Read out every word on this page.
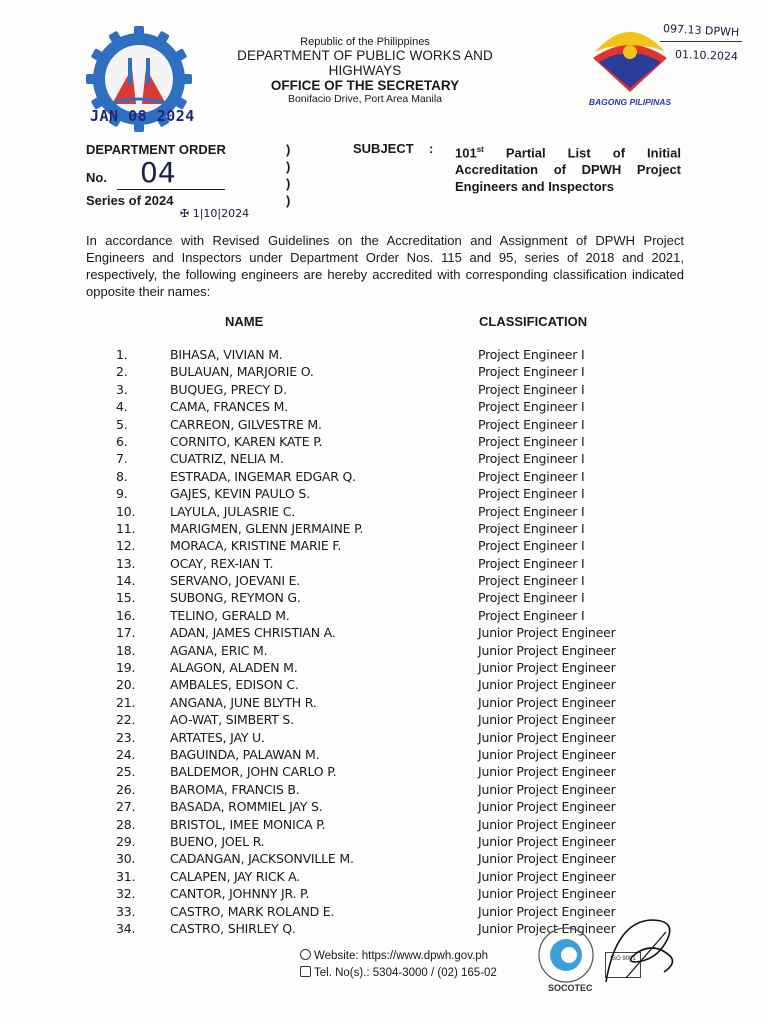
Republic of the Philippines
DEPARTMENT OF PUBLIC WORKS AND HIGHWAYS
OFFICE OF THE SECRETARY
Bonifacio Drive, Port Area Manila	BAGONG PILIPINAS
097.13 DPWH
01.10.2024
JAN 08 2024
DEPARTMENT ORDER
No. 04
Series of 2024
✠ 1|10|2024
)
)
)
)
SUBJECT : 101st Partial List of Initial Accreditation of DPWH Project Engineers and Inspectors
In accordance with Revised Guidelines on the Accreditation and Assignment of DPWH Project Engineers and Inspectors under Department Order Nos. 115 and 95, series of 2018 and 2021, respectively, the following engineers are hereby accredited with corresponding classification indicated opposite their names:
NAME	CLASSIFICATION
1.	BIHASA, VIVIAN M.	Project Engineer I
2.	BULAUAN, MARJORIE O.	Project Engineer I
3.	BUQUEG, PRECY D.	Project Engineer I
4.	CAMA, FRANCES M.	Project Engineer I
5.	CARREON, GILVESTRE M.	Project Engineer I
6.	CORNITO, KAREN KATE P.	Project Engineer I
7.	CUATRIZ, NELIA M.	Project Engineer I
8.	ESTRADA, INGEMAR EDGAR Q.	Project Engineer I
9.	GAJES, KEVIN PAULO S.	Project Engineer I
10.	LAYULA, JULASRIE C.	Project Engineer I
11.	MARIGMEN, GLENN JERMAINE P.	Project Engineer I
12.	MORACA, KRISTINE MARIE F.	Project Engineer I
13.	OCAY, REX-IAN T.	Project Engineer I
14.	SERVANO, JOEVANI E.	Project Engineer I
15.	SUBONG, REYMON G.	Project Engineer I
16.	TELINO, GERALD M.	Project Engineer I
17.	ADAN, JAMES CHRISTIAN A.	Junior Project Engineer
18.	AGANA, ERIC M.	Junior Project Engineer
19.	ALAGON, ALADEN M.	Junior Project Engineer
20.	AMBALES, EDISON C.	Junior Project Engineer
21.	ANGANA, JUNE BLYTH R.	Junior Project Engineer
22.	AO-WAT, SIMBERT S.	Junior Project Engineer
23.	ARTATES, JAY U.	Junior Project Engineer
24.	BAGUINDA, PALAWAN M.	Junior Project Engineer
25.	BALDEMOR, JOHN CARLO P.	Junior Project Engineer
26.	BAROMA, FRANCIS B.	Junior Project Engineer
27.	BASADA, ROMMIEL JAY S.	Junior Project Engineer
28.	BRISTOL, IMEE MONICA P.	Junior Project Engineer
29.	BUENO, JOEL R.	Junior Project Engineer
30.	CADANGAN, JACKSONVILLE M.	Junior Project Engineer
31.	CALAPEN, JAY RICK A.	Junior Project Engineer
32.	CANTOR, JOHNNY JR. P.	Junior Project Engineer
33.	CASTRO, MARK ROLAND E.	Junior Project Engineer
34.	CASTRO, SHIRLEY Q.	Junior Project Engineer
Website: https://www.dpwh.gov.ph
Tel. No(s).: 5304-3000 / (02) 165-02
SOCOTEC
ISO 9001
